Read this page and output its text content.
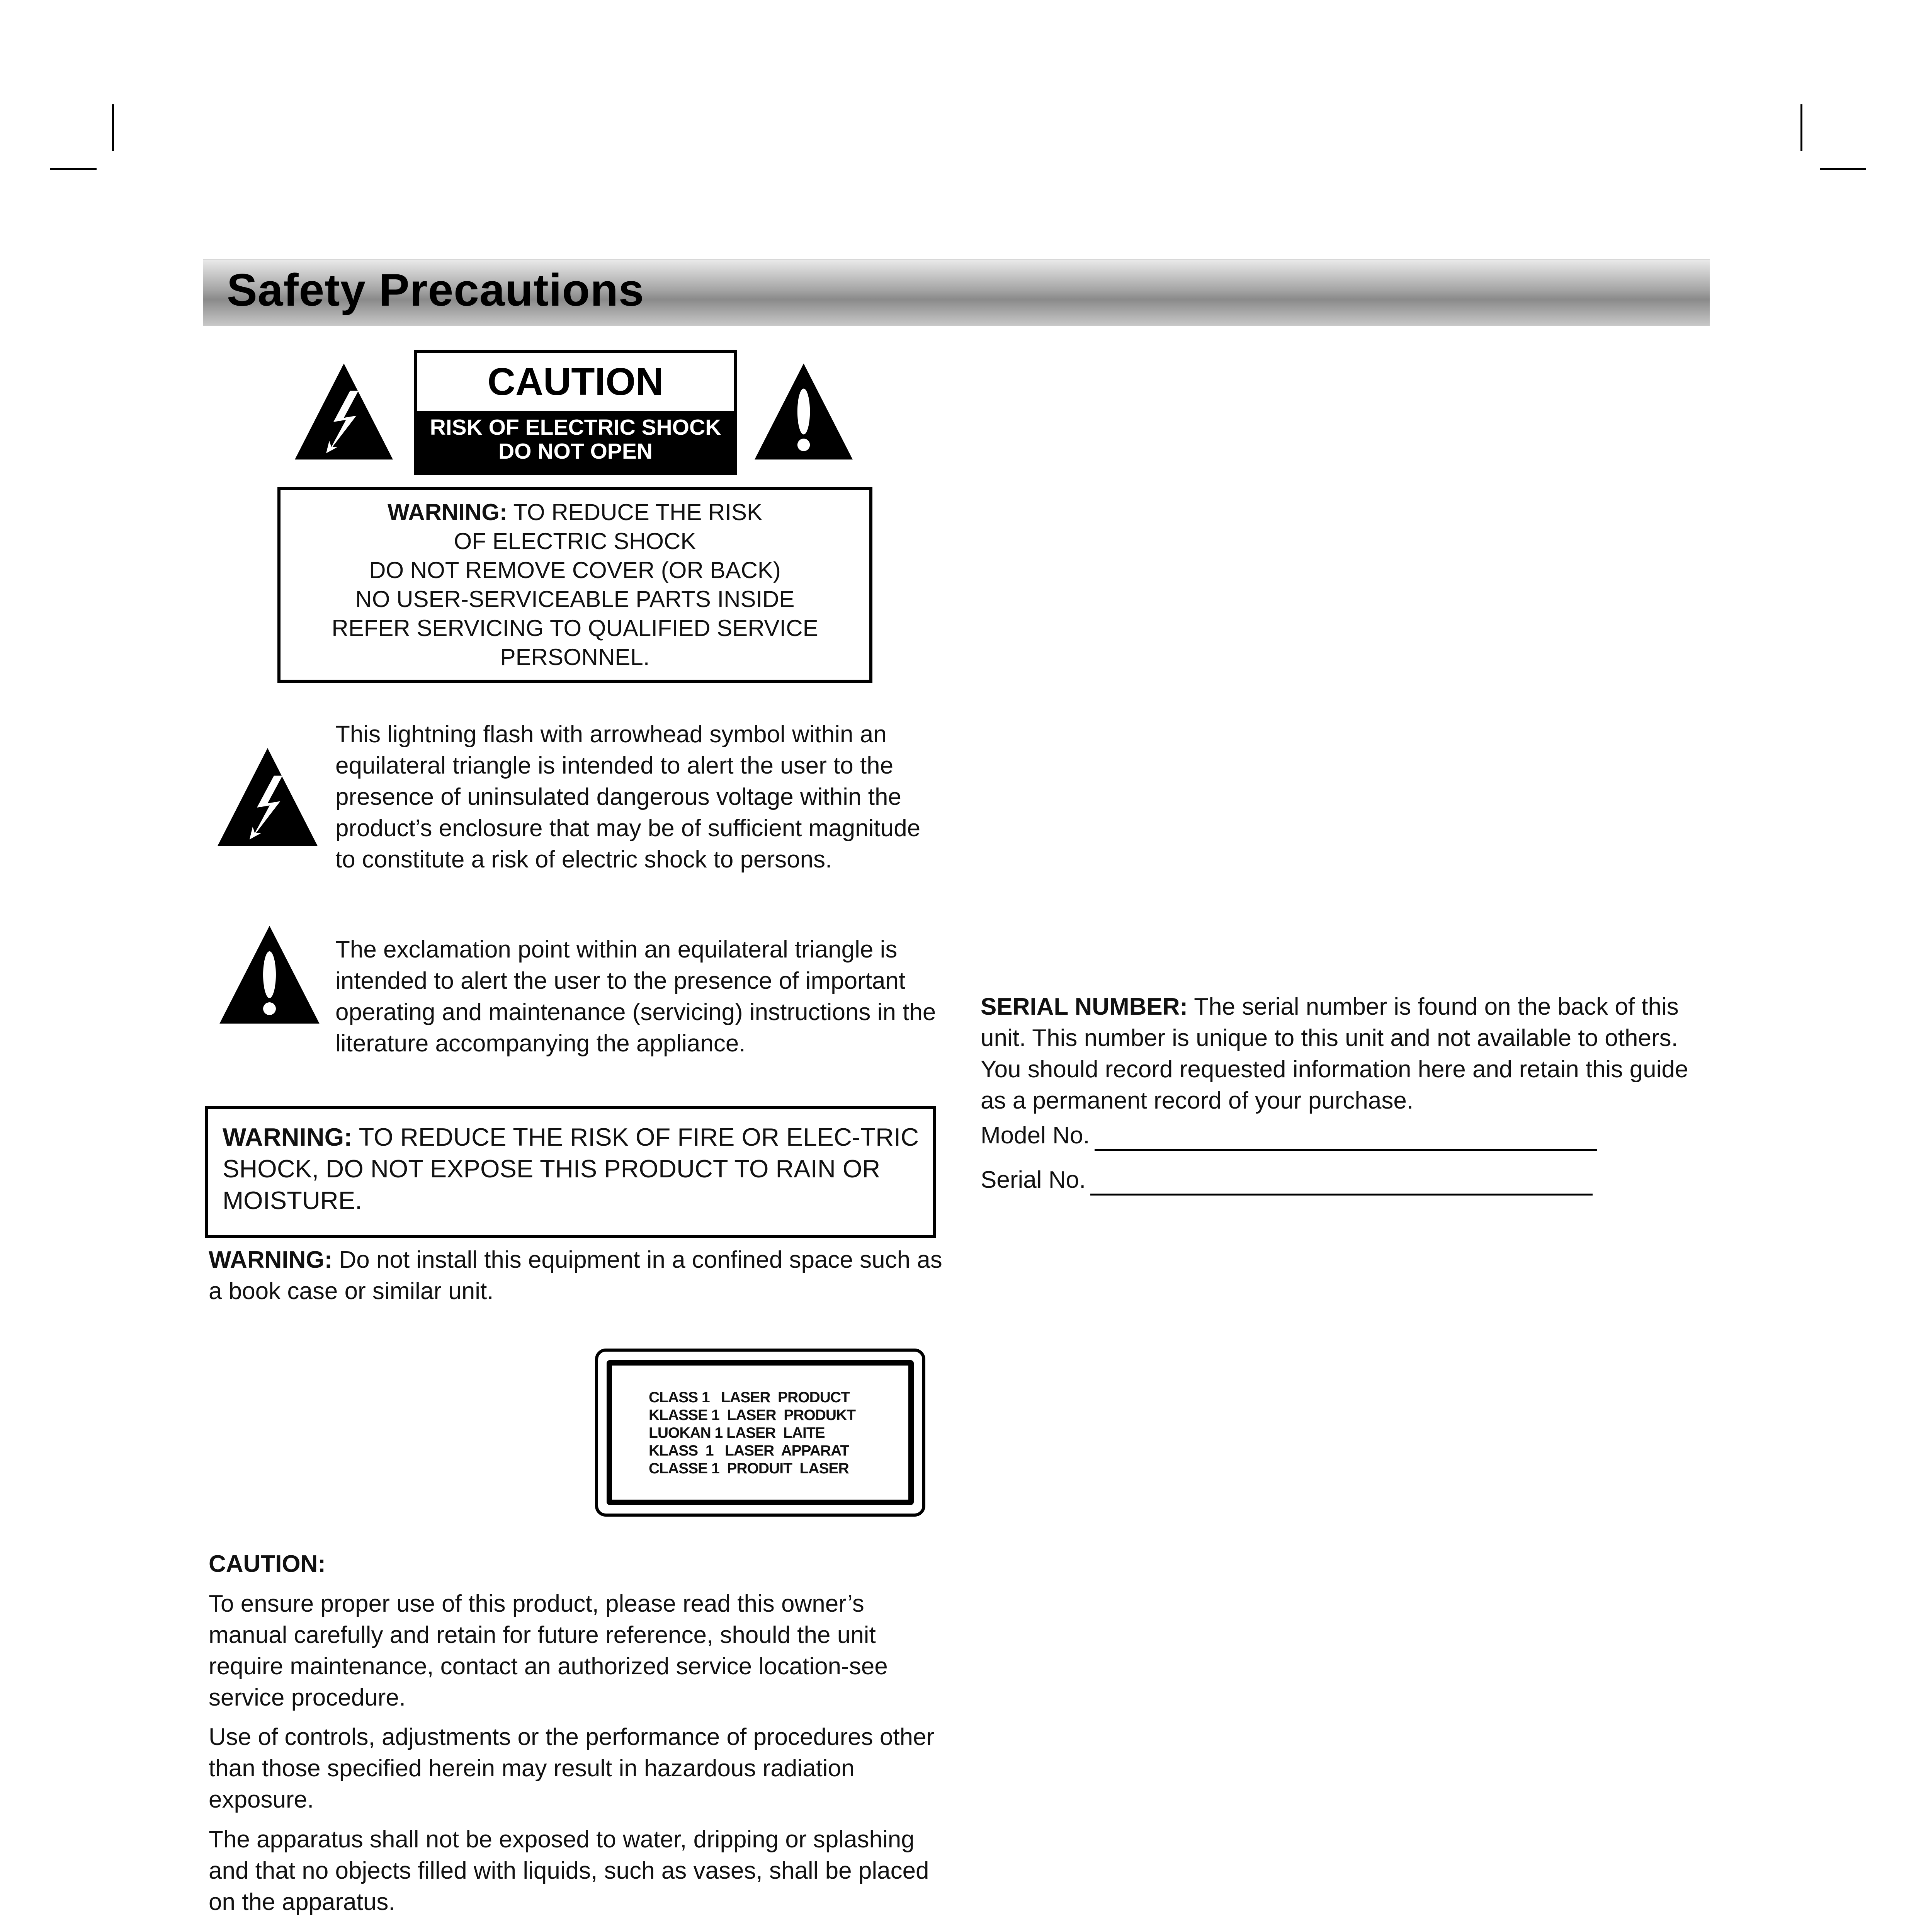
Safety Precautions
CAUTION
RISK OF ELECTRIC SHOCK
DO NOT OPEN
WARNING: TO REDUCE THE RISK
OF ELECTRIC SHOCK
DO NOT REMOVE COVER (OR BACK)
NO USER-SERVICEABLE PARTS INSIDE
REFER SERVICING TO QUALIFIED SERVICE
PERSONNEL.
This lightning flash with arrowhead symbol within an equilateral triangle is intended to alert the user to the presence of uninsulated dangerous voltage within the product’s enclosure that may be of sufficient magnitude to constitute a risk of electric shock to persons.
The exclamation point within an equilateral triangle is intended to alert the user to the presence of important operating and maintenance (servicing) instructions in the literature accompanying the appliance.
WARNING: TO REDUCE THE RISK OF FIRE OR ELEC-TRIC SHOCK, DO NOT EXPOSE THIS PRODUCT TO RAIN OR MOISTURE.
WARNING: Do not install this equipment in a confined space such as a book case or similar unit.
CLASS 1   LASER  PRODUCT
KLASSE 1  LASER  PRODUKT
LUOKAN 1 LASER  LAITE
KLASS  1   LASER  APPARAT
CLASSE 1  PRODUIT  LASER
CAUTION:
To ensure proper use of this product, please read this owner’s manual carefully and retain for future reference, should the unit require maintenance, contact an authorized service location-see service procedure.
Use of controls, adjustments or the performance of procedures other than those specified herein may result in hazardous radiation exposure.
The apparatus shall not be exposed to water, dripping or splashing and that no objects filled with liquids, such as vases, shall be placed on the apparatus.
SERIAL NUMBER: The serial number is found on the back of this unit. This number is unique to this unit and not available to others. You should record requested information here and retain this guide as a permanent record of your purchase.
Model No.
Serial No.
